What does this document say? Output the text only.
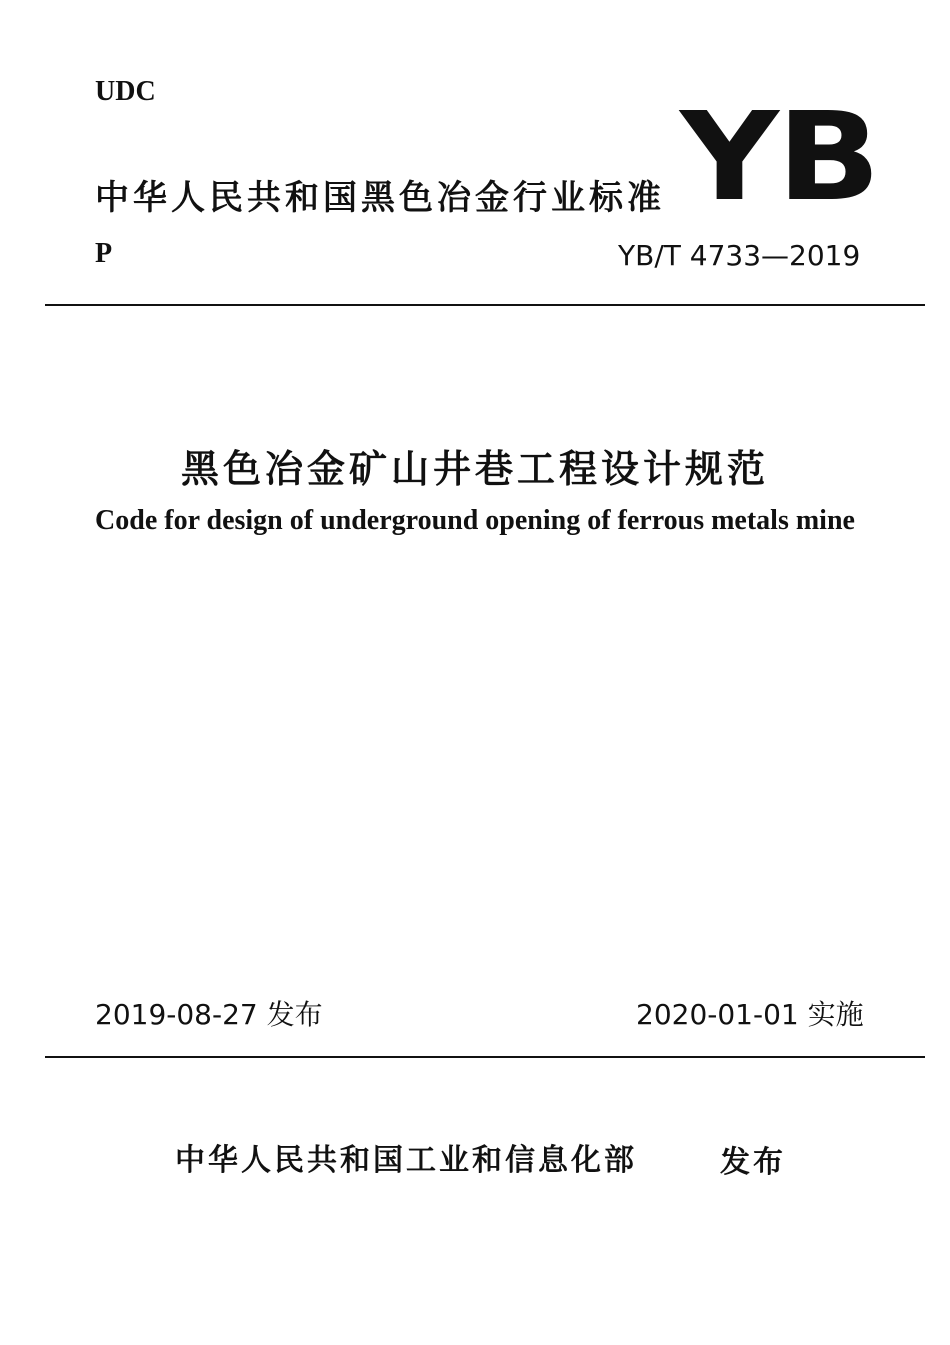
UDC
中华人民共和国黑色冶金行业标准 YB
P	YB/T 4733—2019
黑色冶金矿山井巷工程设计规范
Code for design of underground opening of ferrous metals mine
2019-08-27 发布	2020-01-01 实施
中华人民共和国工业和信息化部	发布
